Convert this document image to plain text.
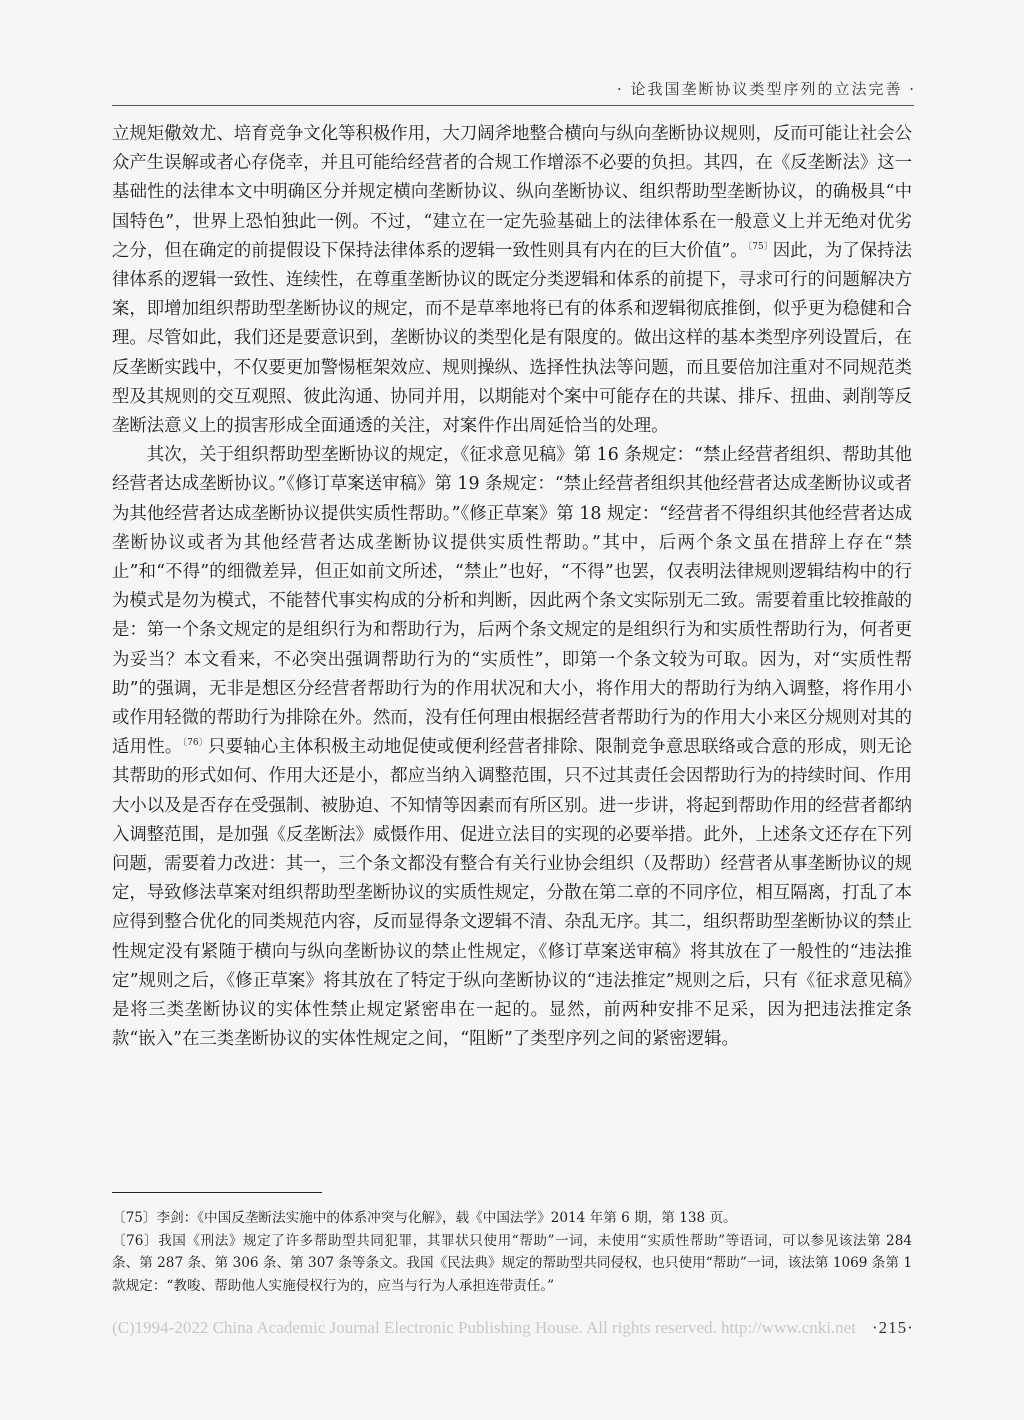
· 论我国垄断协议类型序列的立法完善 ·

立规矩儆效尤、培育竞争文化等积极作用，大刀阔斧地整合横向与纵向垄断协议规则，反而可能让社会公众产生误解或者心存侥幸，并且可能给经营者的合规工作增添不必要的负担。其四，在《反垄断法》这一基础性的法律本文中明确区分并规定横向垄断协议、纵向垄断协议、组织帮助型垄断协议，的确极具“中国特色”，世界上恐怕独此一例。不过，“建立在一定先验基础上的法律体系在一般意义上并无绝对优劣之分，但在确定的前提假设下保持法律体系的逻辑一致性则具有内在的巨大价值”。$^{〔75〕}$因此，为了保持法律体系的逻辑一致性、连续性，在尊重垄断协议的既定分类逻辑和体系的前提下，寻求可行的问题解决方案，即增加组织帮助型垄断协议的规定，而不是草率地将已有的体系和逻辑彻底推倒，似乎更为稳健和合理。尽管如此，我们还是要意识到，垄断协议的类型化是有限度的。做出这样的基本类型序列设置后，在反垄断实践中，不仅要更加警惕框架效应、规则操纵、选择性执法等问题，而且要倍加注重对不同规范类型及其规则的交互观照、彼此沟通、协同并用，以期能对个案中可能存在的共谋、排斥、扭曲、剥削等反垄断法意义上的损害形成全面通透的关注，对案件作出周延恰当的处理。

其次，关于组织帮助型垄断协议的规定，《征求意见稿》第 16 条规定：“禁止经营者组织、帮助其他经营者达成垄断协议。”《修订草案送审稿》第 19 条规定：“禁止经营者组织其他经营者达成垄断协议或者为其他经营者达成垄断协议提供实质性帮助。”《修正草案》第 18 规定：“经营者不得组织其他经营者达成垄断协议或者为其他经营者达成垄断协议提供实质性帮助。”其中，后两个条文虽在措辞上存在“禁止”和“不得”的细微差异，但正如前文所述，“禁止”也好，“不得”也罢，仅表明法律规则逻辑结构中的行为模式是勿为模式，不能替代事实构成的分析和判断，因此两个条文实际别无二致。需要着重比较推敲的是：第一个条文规定的是组织行为和帮助行为，后两个条文规定的是组织行为和实质性帮助行为，何者更为妥当？本文看来，不必突出强调帮助行为的“实质性”，即第一个条文较为可取。因为，对“实质性帮助”的强调，无非是想区分经营者帮助行为的作用状况和大小，将作用大的帮助行为纳入调整，将作用小或作用轻微的帮助行为排除在外。然而，没有任何理由根据经营者帮助行为的作用大小来区分规则对其的适用性。$^{〔76〕}$只要轴心主体积极主动地促使或便利经营者排除、限制竞争意思联络或合意的形成，则无论其帮助的形式如何、作用大还是小，都应当纳入调整范围，只不过其责任会因帮助行为的持续时间、作用大小以及是否存在受强制、被胁迫、不知情等因素而有所区别。进一步讲，将起到帮助作用的经营者都纳入调整范围，是加强《反垄断法》威慑作用、促进立法目的实现的必要举措。此外，上述条文还存在下列问题，需要着力改进：其一，三个条文都没有整合有关行业协会组织（及帮助）经营者从事垄断协议的规定，导致修法草案对组织帮助型垄断协议的实质性规定，分散在第二章的不同序位，相互隔离，打乱了本应得到整合优化的同类规范内容，反而显得条文逻辑不清、杂乱无序。其二，组织帮助型垄断协议的禁止性规定没有紧随于横向与纵向垄断协议的禁止性规定，《修订草案送审稿》将其放在了一般性的“违法推定”规则之后，《修正草案》将其放在了特定于纵向垄断协议的“违法推定”规则之后，只有《征求意见稿》是将三类垄断协议的实体性禁止规定紧密串在一起的。显然，前两种安排不足采，因为把违法推定条款“嵌入”在三类垄断协议的实体性规定之间，“阻断”了类型序列之间的紧密逻辑。

〔75〕李剑：《中国反垄断法实施中的体系冲突与化解》，载《中国法学》2014 年第 6 期，第 138 页。

〔76〕我国《刑法》规定了许多帮助型共同犯罪，其罪状只使用“帮助”一词，未使用“实质性帮助”等语词，可以参见该法第 284 条、第 287 条、第 306 条、第 307 条等条文。我国《民法典》规定的帮助型共同侵权，也只使用“帮助”一词，该法第 1069 条第 1 款规定：“教唆、帮助他人实施侵权行为的，应当与行为人承担连带责任。”

(C)1994-2022 China Academic Journal Electronic Publishing House. All rights reserved. http://www.cnki.net ·215·
